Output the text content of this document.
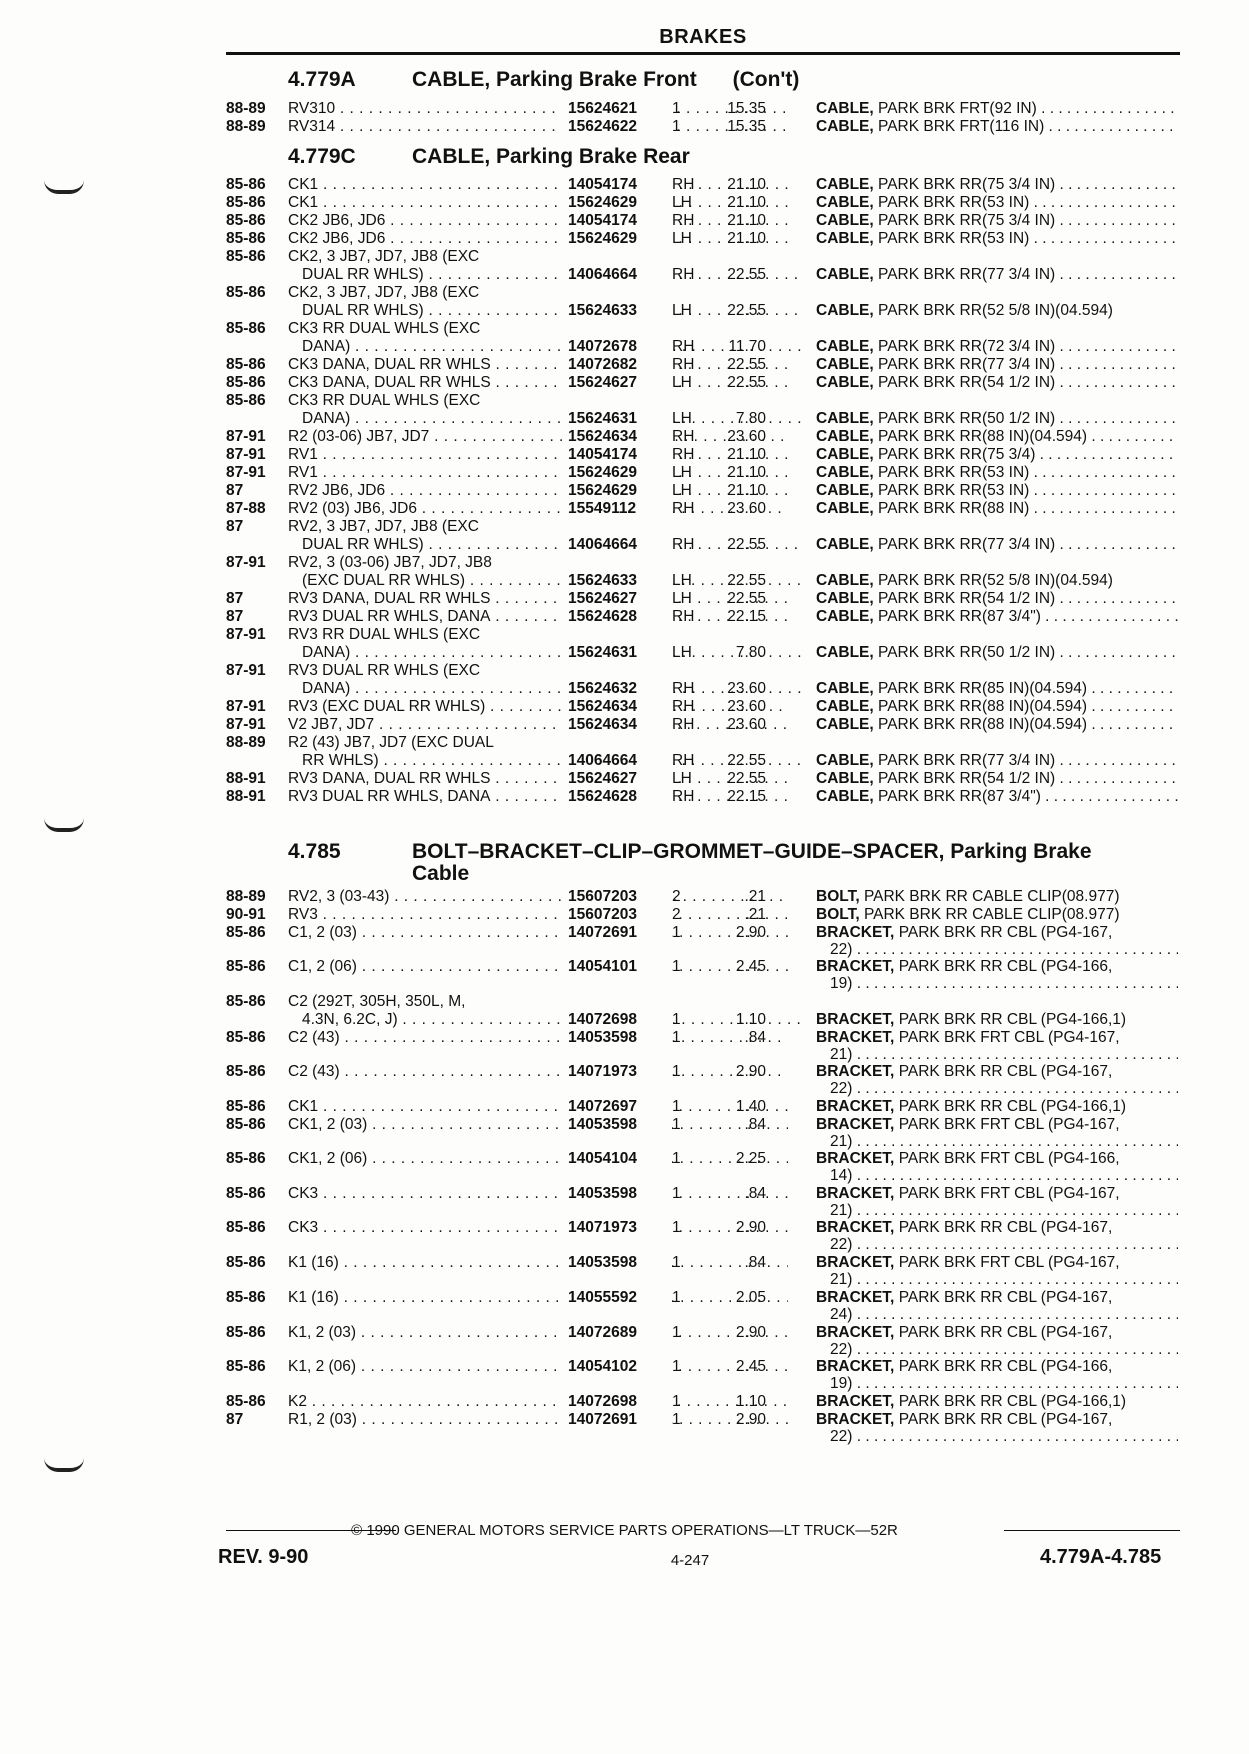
BRAKES
4.779A	CABLE, Parking Brake Front (Con't)
4.779C	CABLE, Parking Brake Rear
4.785	BOLT–BRACKET–CLIP–GROMMET–GUIDE–SPACER, Parking Brake
Cable
88-89 RV310 . . .	15624621 1	15.35	CABLE, PARK BRK FRT(92 IN) . . .
88-89 RV314 . . .	15624622 1	15.35	CABLE, PARK BRK FRT(116 IN) . . .
85-86 CK1 . . .	14054174 RH	21.10	CABLE, PARK BRK RR(75 3/4 IN) . . .
85-86 CK1 . . .	15624629 LH	21.10	CABLE, PARK BRK RR(53 IN) . . .
85-86 CK2 JB6, JD6 . . .	14054174 RH	21.10	CABLE, PARK BRK RR(75 3/4 IN) . . .
85-86 CK2 JB6, JD6 . . .	15624629 LH	21.10	CABLE, PARK BRK RR(53 IN) . . .
85-86 CK2, 3 JB7, JD7, JB8 (EXC
DUAL RR WHLS) . . .	14064664 RH	22.55	CABLE, PARK BRK RR(77 3/4 IN) . . .
85-86 CK2, 3 JB7, JD7, JB8 (EXC
DUAL RR WHLS) . . .	15624633 LH	22.55	CABLE, PARK BRK RR(52 5/8 IN)(04.594)
85-86 CK3 RR DUAL WHLS (EXC
DANA) . . .	14072678 RH	11.70	CABLE, PARK BRK RR(72 3/4 IN) . . .
85-86 CK3 DANA, DUAL RR WHLS . . .	14072682 RH	22.55	CABLE, PARK BRK RR(77 3/4 IN) . . .
85-86 CK3 DANA, DUAL RR WHLS . . .	15624627 LH	22.55	CABLE, PARK BRK RR(54 1/2 IN) . . .
85-86 CK3 RR DUAL WHLS (EXC
DANA) . . .	15624631 LH	7.80	CABLE, PARK BRK RR(50 1/2 IN) . . .
87-91 R2 (03-06) JB7, JD7 . . .	15624634 RH	23.60	CABLE, PARK BRK RR(88 IN)(04.594) . . .
87-91 RV1 . . .	14054174 RH	21.10	CABLE, PARK BRK RR(75 3/4) . . .
87-91 RV1 . . .	15624629 LH	21.10	CABLE, PARK BRK RR(53 IN) . . .
87	RV2 JB6, JD6 . . .	15624629 LH	21.10	CABLE, PARK BRK RR(53 IN) . . .
87-88 RV2 (03) JB6, JD6 . . .	15549112 RH	23.60	CABLE, PARK BRK RR(88 IN) . . .
87	RV2, 3 JB7, JD7, JB8 (EXC
DUAL RR WHLS) . . .	14064664 RH	22.55	CABLE, PARK BRK RR(77 3/4 IN) . . .
87-91 RV2, 3 (03-06) JB7, JD7, JB8
(EXC DUAL RR WHLS) . . .	15624633 LH	22.55	CABLE, PARK BRK RR(52 5/8 IN)(04.594)
87	RV3 DANA, DUAL RR WHLS . . .	15624627 LH	22.55	CABLE, PARK BRK RR(54 1/2 IN) . . .
87	RV3 DUAL RR WHLS, DANA . . .	15624628 RH	22.15	CABLE, PARK BRK RR(87 3/4") . . .
87-91 RV3 RR DUAL WHLS (EXC
DANA) . . .	15624631 LH	7.80	CABLE, PARK BRK RR(50 1/2 IN) . . .
87-91 RV3 DUAL RR WHLS (EXC
DANA) . . .	15624632 RH	23.60	CABLE, PARK BRK RR(85 IN)(04.594) . . .
87-91 RV3 (EXC DUAL RR WHLS) . . .	15624634 RH	23.60	CABLE, PARK BRK RR(88 IN)(04.594) . . .
87-91 V2 JB7, JD7 . . .	15624634 RH	23.60	CABLE, PARK BRK RR(88 IN)(04.594) . . .
88-89 R2 (43) JB7, JD7 (EXC DUAL
RR WHLS) . . .	14064664 RH	22.55	CABLE, PARK BRK RR(77 3/4 IN) . . .
88-91 RV3 DANA, DUAL RR WHLS . . .	15624627 LH	22.55	CABLE, PARK BRK RR(54 1/2 IN) . . .
88-91 RV3 DUAL RR WHLS, DANA . . .	15624628 RH	22.15	CABLE, PARK BRK RR(87 3/4") . . .
88-89 RV2, 3 (03-43) . . .	15607203 2	.21	BOLT, PARK BRK RR CABLE CLIP(08.977)
90-91 RV3 . . .	15607203 2	.21	BOLT, PARK BRK RR CABLE CLIP(08.977)
85-86 C1, 2 (03) . . .	14072691 1	2.90	BRACKET, PARK BRK RR CBL (PG4-167,
22) . . .
85-86 C1, 2 (06) . . .	14054101 1	2.45	BRACKET, PARK BRK RR CBL (PG4-166,
19) . . .
85-86 C2 (292T, 305H, 350L, M,
4.3N, 6.2C, J) . . .	14072698 1	1.10	BRACKET, PARK BRK RR CBL (PG4-166,1)
85-86 C2 (43) . . .	14053598 1	.84	BRACKET, PARK BRK FRT CBL (PG4-167,
21) . . .
85-86 C2 (43) . . .	14071973 1	2.90	BRACKET, PARK BRK RR CBL (PG4-167,
22) . . .
85-86 CK1 . . .	14072697 1	1.40	BRACKET, PARK BRK RR CBL (PG4-166,1)
85-86 CK1, 2 (03) . . .	14053598 1	.84	BRACKET, PARK BRK FRT CBL (PG4-167,
21) . . .
85-86 CK1, 2 (06) . . .	14054104 1	2.25	BRACKET, PARK BRK FRT CBL (PG4-166,
14) . . .
85-86 CK3 . . .	14053598 1	.84	BRACKET, PARK BRK FRT CBL (PG4-167,
21) . . .
85-86 CK3 . . .	14071973 1	2.90	BRACKET, PARK BRK RR CBL (PG4-167,
22) . . .
85-86 K1 (16) . . .	14053598 1	.84	BRACKET, PARK BRK FRT CBL (PG4-167,
21) . . .
85-86 K1 (16) . . .	14055592 1	2.05	BRACKET, PARK BRK RR CBL (PG4-167,
24) . . .
85-86 K1, 2 (03) . . .	14072689 1	2.90	BRACKET, PARK BRK RR CBL (PG4-167,
22) . . .
85-86 K1, 2 (06) . . .	14054102 1	2.45	BRACKET, PARK BRK RR CBL (PG4-166,
19) . . .
85-86 K2 . . .	14072698 1	1.10	BRACKET, PARK BRK RR CBL (PG4-166,1)
87	R1, 2 (03) . . .	14072691 1	2.90	BRACKET, PARK BRK RR CBL (PG4-167,
22) . . .
© 1990 GENERAL MOTORS SERVICE PARTS OPERATIONS—LT TRUCK—52R
REV. 9-90	4-247	4.779A-4.785
